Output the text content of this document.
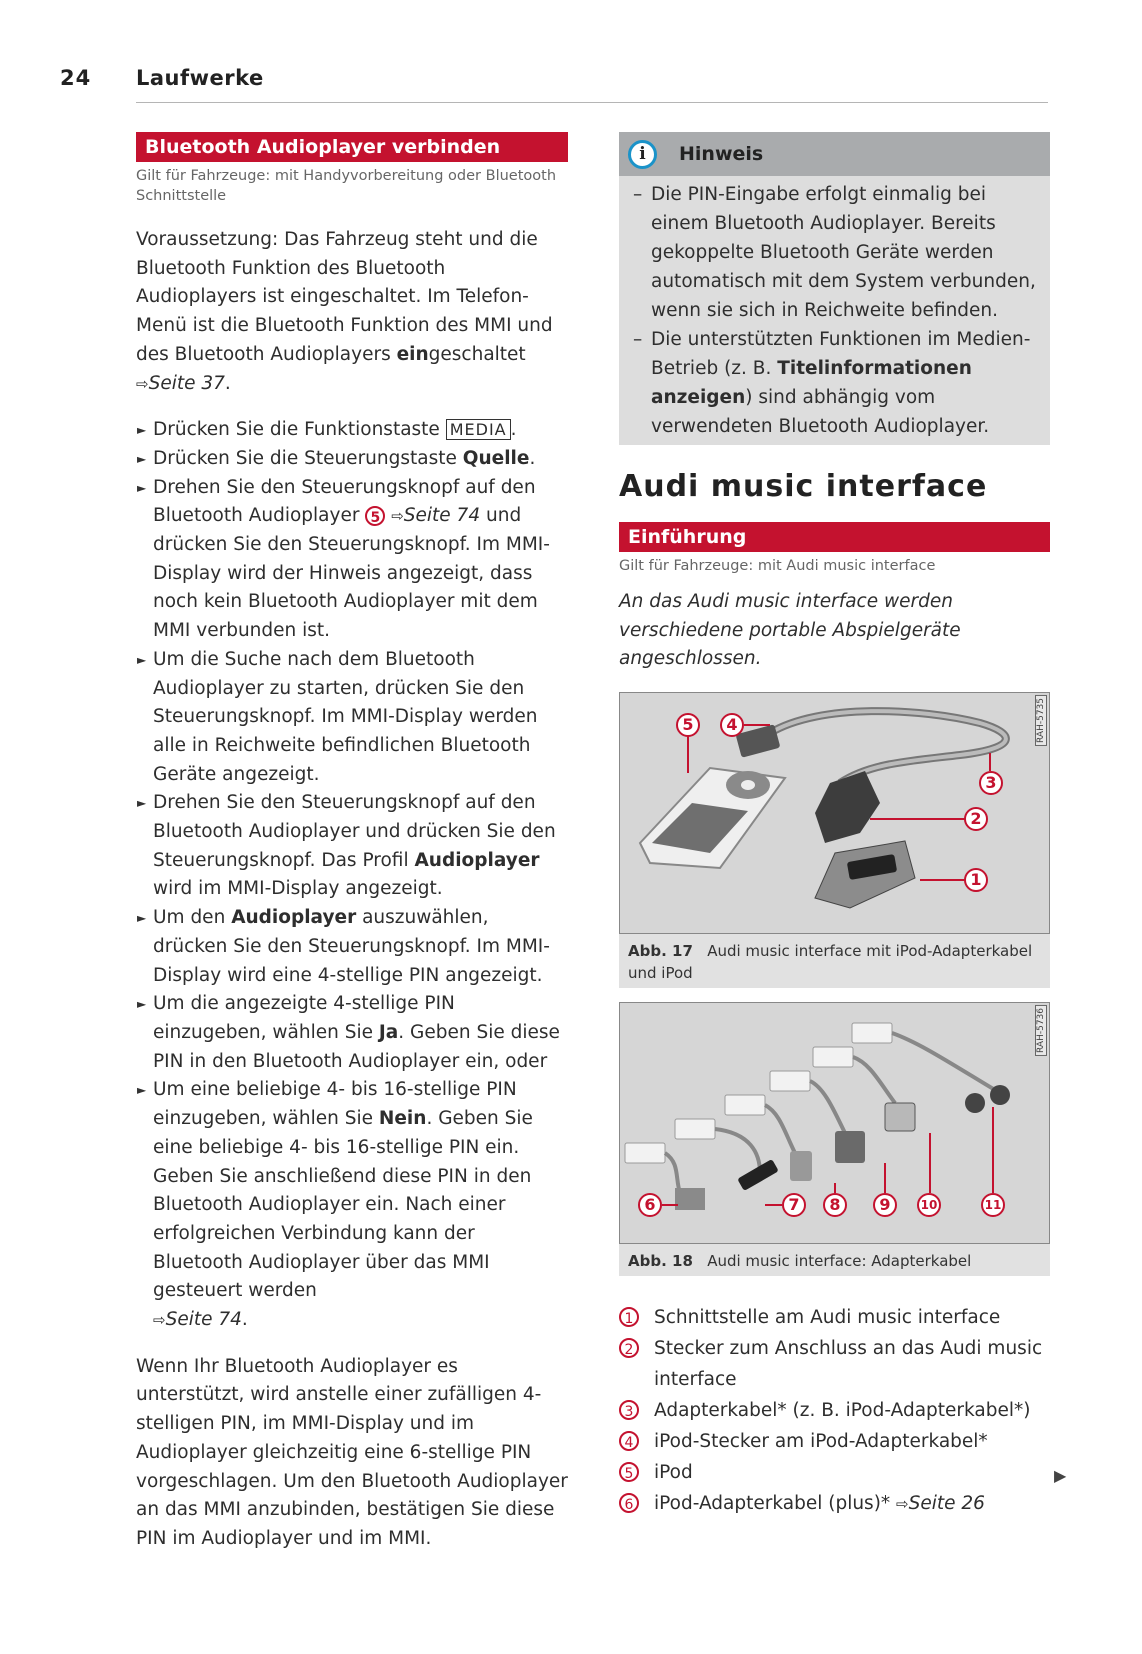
24 Laufwerke
Bluetooth Audioplayer verbinden
Gilt für Fahrzeuge: mit Handyvorbereitung oder Bluetooth Schnittstelle

Voraussetzung: Das Fahrzeug steht und die Bluetooth Funktion des Bluetooth Audioplayers ist eingeschaltet. Im Telefon-Menü ist die Bluetooth Funktion des MMI und des Bluetooth Audioplayers eingeschaltet
⇨Seite 37.

► Drücken Sie die Funktionstaste MEDIA .
► Drücken Sie die Steuerungstaste Quelle.
► Drehen Sie den Steuerungsknopf auf den Bluetooth Audioplayer 5 ⇨Seite 74 und drücken Sie den Steuerungsknopf. Im MMI-Display wird der Hinweis angezeigt, dass noch kein Bluetooth Audioplayer mit dem MMI verbunden ist.
► Um die Suche nach dem Bluetooth Audioplayer zu starten, drücken Sie den Steuerungsknopf. Im MMI-Display werden alle in Reichweite befindlichen Bluetooth Geräte angezeigt.
► Drehen Sie den Steuerungsknopf auf den Bluetooth Audioplayer und drücken Sie den Steuerungsknopf. Das Profil Audioplayer wird im MMI-Display angezeigt.
► Um den Audioplayer auszuwählen, drücken Sie den Steuerungsknopf. Im MMI-Display wird eine 4-stellige PIN angezeigt.
► Um die angezeigte 4-stellige PIN einzugeben, wählen Sie Ja. Geben Sie diese PIN in den Bluetooth Audioplayer ein, oder
► Um eine beliebige 4- bis 16-stellige PIN einzugeben, wählen Sie Nein. Geben Sie eine beliebige 4- bis 16-stellige PIN ein. Geben Sie anschließend diese PIN in den Bluetooth Audioplayer ein. Nach einer erfolgreichen Verbindung kann der Bluetooth Audioplayer über das MMI gesteuert werden
⇨Seite 74.

Wenn Ihr Bluetooth Audioplayer es unterstützt, wird anstelle einer zufälligen 4-stelligen PIN, im MMI-Display und im Audioplayer gleichzeitig eine 6-stellige PIN vorgeschlagen. Um den Bluetooth Audioplayer an das MMI anzubinden, bestätigen Sie diese PIN im Audioplayer und im MMI.

i	Hinweis
– Die PIN-Eingabe erfolgt einmalig bei einem Bluetooth Audioplayer. Bereits gekoppelte Bluetooth Geräte werden automatisch mit dem System verbunden, wenn sie sich in Reichweite befinden.
– Die unterstützten Funktionen im Medien-Betrieb (z. B. Titelinformationen anzeigen) sind abhängig vom verwendeten Bluetooth Audioplayer.
Audi music interface
Einführung
Gilt für Fahrzeuge: mit Audi music interface
An das Audi music interface werden verschiedene portable Abspielgeräte angeschlossen.
5	4
3
2
1
RAH-5735
Abb. 17 Audi music interface mit iPod-Adapterkabel und iPod
6	7	8	9	10	11
RAH-5736
Abb. 18 Audi music interface: Adapterkabel
1 Schnittstelle am Audi music interface
2 Stecker zum Anschluss an das Audi music interface
3 Adapterkabel* (z. B. iPod-Adapterkabel*)
4 iPod-Stecker am iPod-Adapterkabel*
5 iPod
6 iPod-Adapterkabel (plus)* ⇨Seite 26
▶
